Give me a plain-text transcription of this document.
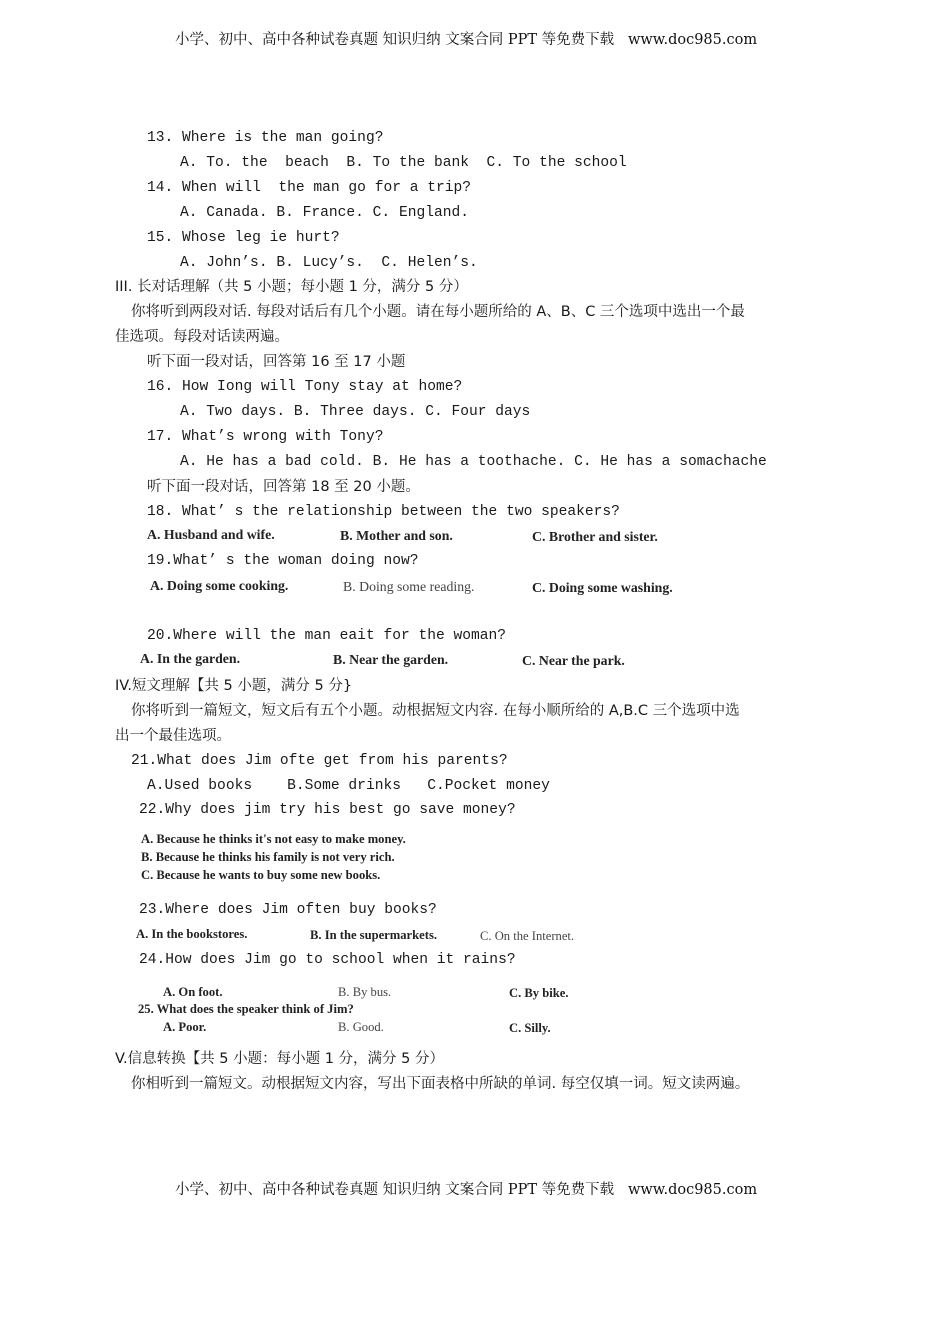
小学、初中、高中各种试卷真题 知识归纳 文案合同 PPT 等免费下载   www.doc985.com
13. Where is the man going?
A. To. the  beach  B. To the bank  C. To the school
14. When will  the man go for a trip?
A. Canada. B. France. C. England.
15. Whose leg ie hurt?
A. John’s. B. Lucy’s.  C. Helen’s.
III. 长对话理解（共 5 小题；每小题 1 分，满分 5 分）
你将听到两段对话. 每段对话后有几个小题。请在每小题所给的 A、B、C 三个选项中选出一个最
佳选项。每段对话读两遍。
听下面一段对话，回答第 16 至 17 小题
16. How Iong will Tony stay at home?
A. Two days. B. Three days. C. Four days
17. What’s wrong with Tony?
A. He has a bad cold. B. He has a toothache. C. He has a somachache
听下面一段对话，回答第 18 至 20 小题。
18. What’ s the relationship between the two speakers?
A. Husband and wife.	B. Mother and son.	C. Brother and sister.
19.What’ s the woman doing now?
A. Doing some cooking.	B. Doing some reading.	C. Doing some washing.
20.Where will the man eait for the woman?
A. In the garden.	B. Near the garden.	C. Near the park.
IV.短文理解【共 5 小题，满分 5 分}
你将听到一篇短文，短文后有五个小题。动根据短文内容. 在每小顺所给的 A,B.C 三个选项中选
出一个最佳选项。
21.What does Jim ofte get from his parents?
A.Used books    B.Some drinks   C.Pocket money
22.Why does jim try his best go save money?
A. Because he thinks it's not easy to make money.
B. Because he thinks his family is not very rich.
C. Because he wants to buy some new books.
23.Where does Jim often buy books?
A. In the bookstores.	B. In the supermarkets.	C. On the Internet.
24.How does Jim go to school when it rains?
A. On foot.	B. By bus.	C. By bike.
25. What does the speaker think of Jim?
A. Poor.	B. Good.	C. Silly.
V.信息转换【共 5 小题：每小题 1 分，满分 5 分）
你相听到一篇短文。动根据短文内容，写出下面表格中所缺的单词. 每空仅填一词。短文读两遍。
小学、初中、高中各种试卷真题 知识归纳 文案合同 PPT 等免费下载   www.doc985.com
